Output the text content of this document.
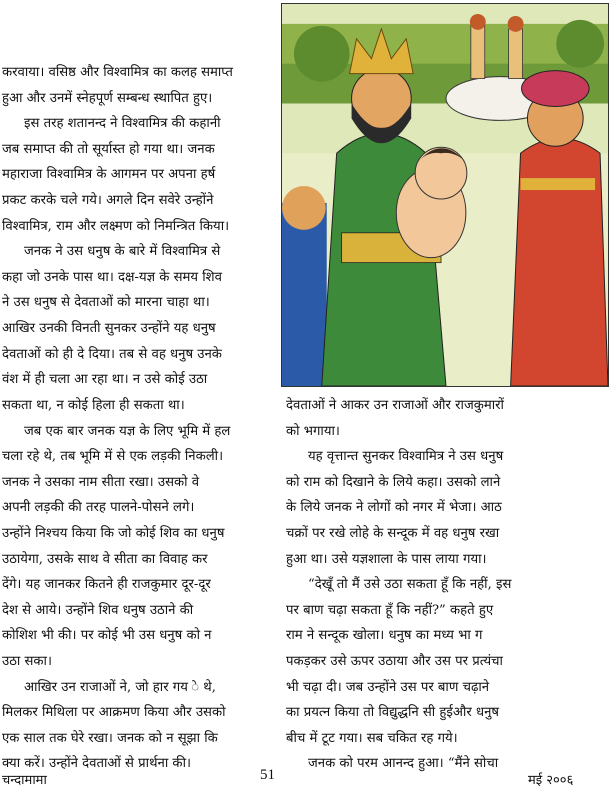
करवाया। वसिष्ठ और विश्वामित्र का कलह समाप्त

हुआ और उनमें स्नेहपूर्ण सम्बन्ध स्थापित हुए।

इस तरह शतानन्द ने विश्वामित्र की कहानी

जब समाप्त की तो सूर्यास्त हो गया था। जनक

महाराजा विश्वामित्र के आगमन पर अपना हर्ष

प्रकट करके चले गये। अगले दिन सवेरे उन्होंने

विश्वामित्र, राम और लक्ष्मण को निमन्त्रित किया।

जनक ने उस धनुष के बारे में विश्वामित्र से

कहा जो उनके पास था। दक्ष-यज्ञ के समय शिव

ने उस धनुष से देवताओं को मारना चाहा था।

आखिर उनकी विनती सुनकर उन्होंने यह धनुष

देवताओं को ही दे दिया। तब से वह धनुष उनके

वंश में ही चला आ रहा था। न उसे कोई उठा

सकता था, न कोई हिला ही सकता था।

जब एक बार जनक यज्ञ के लिए भूमि में हल

चला रहे थे, तब भूमि में से एक लड़की निकली।

जनक ने उसका नाम सीता रखा। उसको वे

अपनी लड़की की तरह पालने-पोसने लगे।

उन्होंने निश्चय किया कि जो कोई शिव का धनुष

उठायेगा, उसके साथ वे सीता का विवाह कर

देंगे। यह जानकर कितने ही राजकुमार दूर-दूर

देश से आये। उन्होंने शिव धनुष उठाने की

कोशिश भी की। पर कोई भी उस धनुष को न

उठा सका।

आखिर उन राजाओं ने, जो हार गय े थे,

मिलकर मिथिला पर आक्रमण किया और उसको

एक साल तक घेरे रखा। जनक को न सूझा कि

क्या करें। उन्होंने देवताओं से प्रार्थना की।

देवताओं ने आकर उन राजाओं और राजकुमारों

को भगाया।

यह वृत्तान्त सुनकर विश्वामित्र ने उस धनुष

को राम को दिखाने के लिये कहा। उसको लाने

के लिये जनक ने लोगों को नगर में भेजा। आठ

चक्रों पर रखे लोहे के सन्दूक में वह धनुष रखा

हुआ था। उसे यज्ञशाला के पास लाया गया।

“देखूँ तो मैं उसे उठा सकता हूँ कि नहीं, इस

पर बाण चढ़ा सकता हूँ कि नहीं?” कहते हुए

राम ने सन्दूक खोला। धनुष का मध्य भा ग

पकड़कर उसे ऊपर उठाया और उस पर प्रत्यंचा

भी चढ़ा दी। जब उन्होंने उस पर बाण चढ़ाने

का प्रयत्न किया तो विद्युद्धनि सी हुईऔर धनुष

बीच में टूट गया। सब चकित रह गये।

जनक को परम आनन्द हुआ। “मैंने सोचा

चन्दामामा	51	मई २००६
